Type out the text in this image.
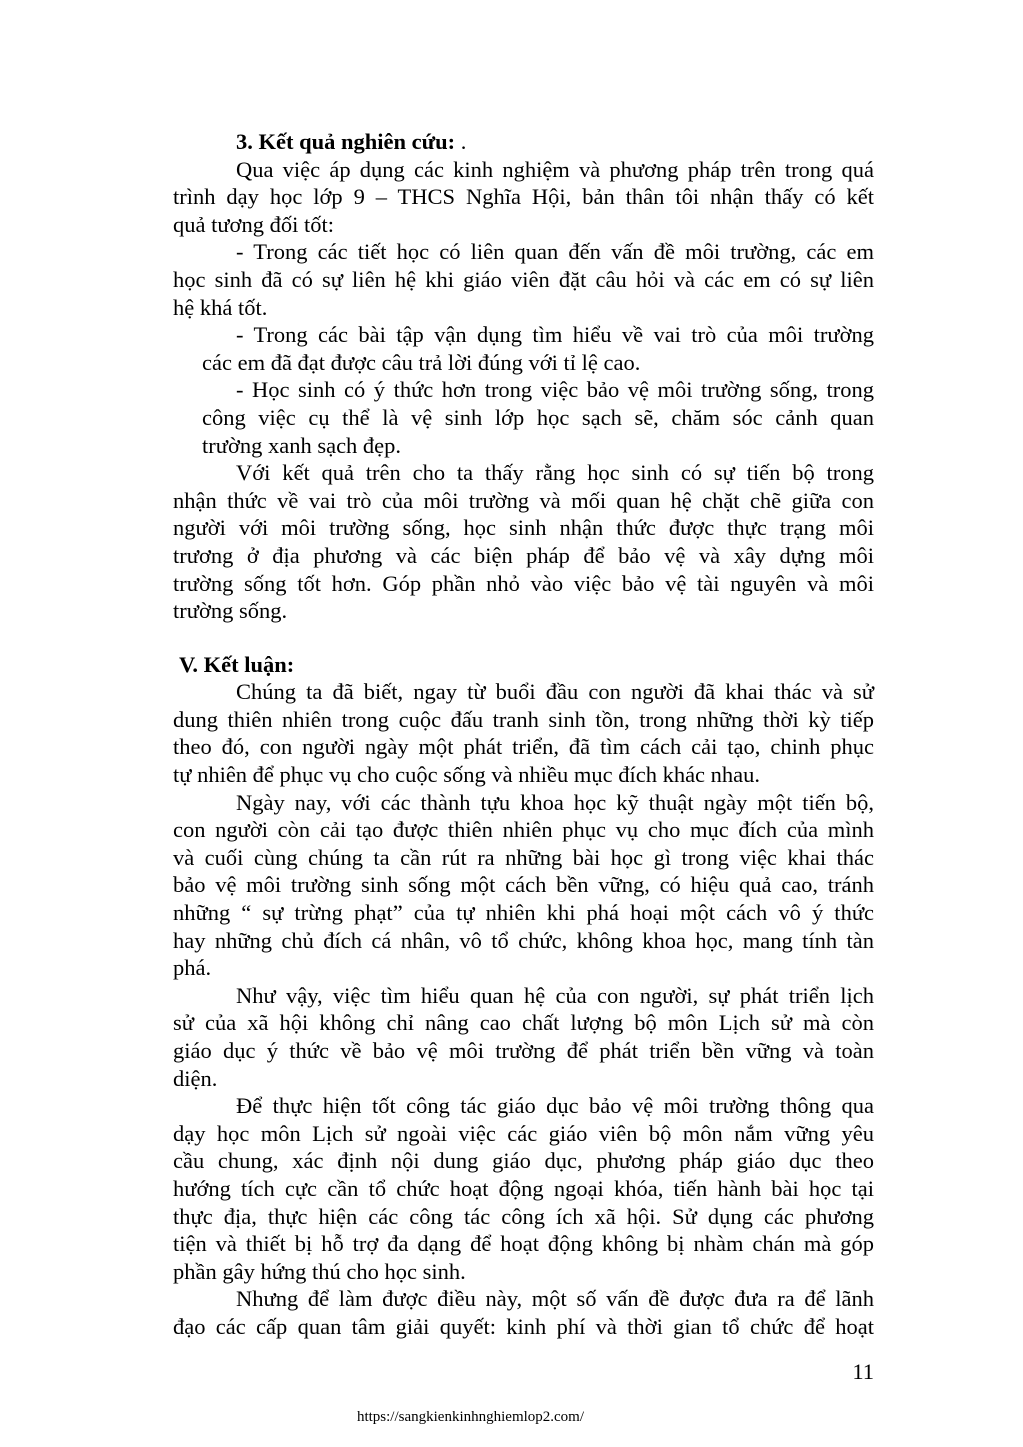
3. Kết quả nghiên cứu: .
Qua việc áp dụng các kinh nghiệm và phương pháp trên trong quá
trình dạy học lớp 9 – THCS Nghĩa Hội, bản thân tôi nhận thấy có kết
quả tương đối tốt:
- Trong các tiết học có liên quan đến vấn đề môi trường, các em
học sinh đã có sự liên hệ khi giáo viên đặt câu hỏi và các em có sự liên
hệ khá tốt.
- Trong các bài tập vận dụng tìm hiểu về vai trò của môi trường
các em đã đạt được câu trả lời đúng với tỉ lệ cao.
- Học sinh có ý thức hơn trong việc bảo vệ môi trường sống, trong
công việc cụ thể là vệ sinh lớp học sạch sẽ, chăm sóc cảnh quan
trường xanh sạch đẹp.
Với kết quả trên cho ta thấy rằng học sinh có sự tiến bộ trong
nhận thức về vai trò của môi trường và mối quan hệ chặt chẽ giữa con
người với môi trường sống, học sinh nhận thức được thực trạng môi
trương ở địa phương và các biện pháp để bảo vệ và xây dựng môi
trường sống tốt hơn. Góp phần nhỏ vào việc bảo vệ tài nguyên và môi
trường sống.
V. Kết luận:
Chúng ta đã biết, ngay từ buổi đầu con người đã khai thác và sử
dung thiên nhiên trong cuộc đấu tranh sinh tồn, trong những thời kỳ tiếp
theo đó, con người ngày một phát triển, đã tìm cách cải tạo, chinh phục
tự nhiên để phục vụ cho cuộc sống và nhiều mục đích khác nhau.
Ngày nay, với các thành tựu khoa học kỹ thuật ngày một tiến bộ,
con người còn cải tạo được thiên nhiên phục vụ cho mục đích của mình
và cuối cùng chúng ta cần rút ra những bài học gì trong việc khai thác
bảo vệ môi trường sinh sống một cách bền vững, có hiệu quả cao, tránh
những “ sự trừng phạt” của tự nhiên khi phá hoại một cách vô ý thức
hay những chủ đích cá nhân, vô tổ chức, không khoa học, mang tính tàn
phá.
Như vậy, việc tìm hiểu quan hệ của con người, sự phát triển lịch
sử của xã hội không chỉ nâng cao chất lượng bộ môn Lịch sử mà còn
giáo dục ý thức về bảo vệ môi trường để phát triển bền vững và toàn
diện.
Để thực hiện tốt công tác giáo dục bảo vệ môi trường thông qua
dạy học môn Lịch sử ngoài việc các giáo viên bộ môn nắm vững yêu
cầu chung, xác định nội dung giáo dục, phương pháp giáo dục theo
hướng tích cực cần tổ chức hoạt động ngoại khóa, tiến hành bài học tại
thực địa, thực hiện các công tác công ích xã hội. Sử dụng các phương
tiện và thiết bị hỗ trợ đa dạng để hoạt động không bị nhàm chán mà góp
phần gây hứng thú cho học sinh.
Nhưng để làm được điều này, một số vấn đề được đưa ra để lãnh
đạo các cấp quan tâm giải quyết: kinh phí và thời gian tổ chức để hoạt
11
https://sangkienkinhnghiemlop2.com/
